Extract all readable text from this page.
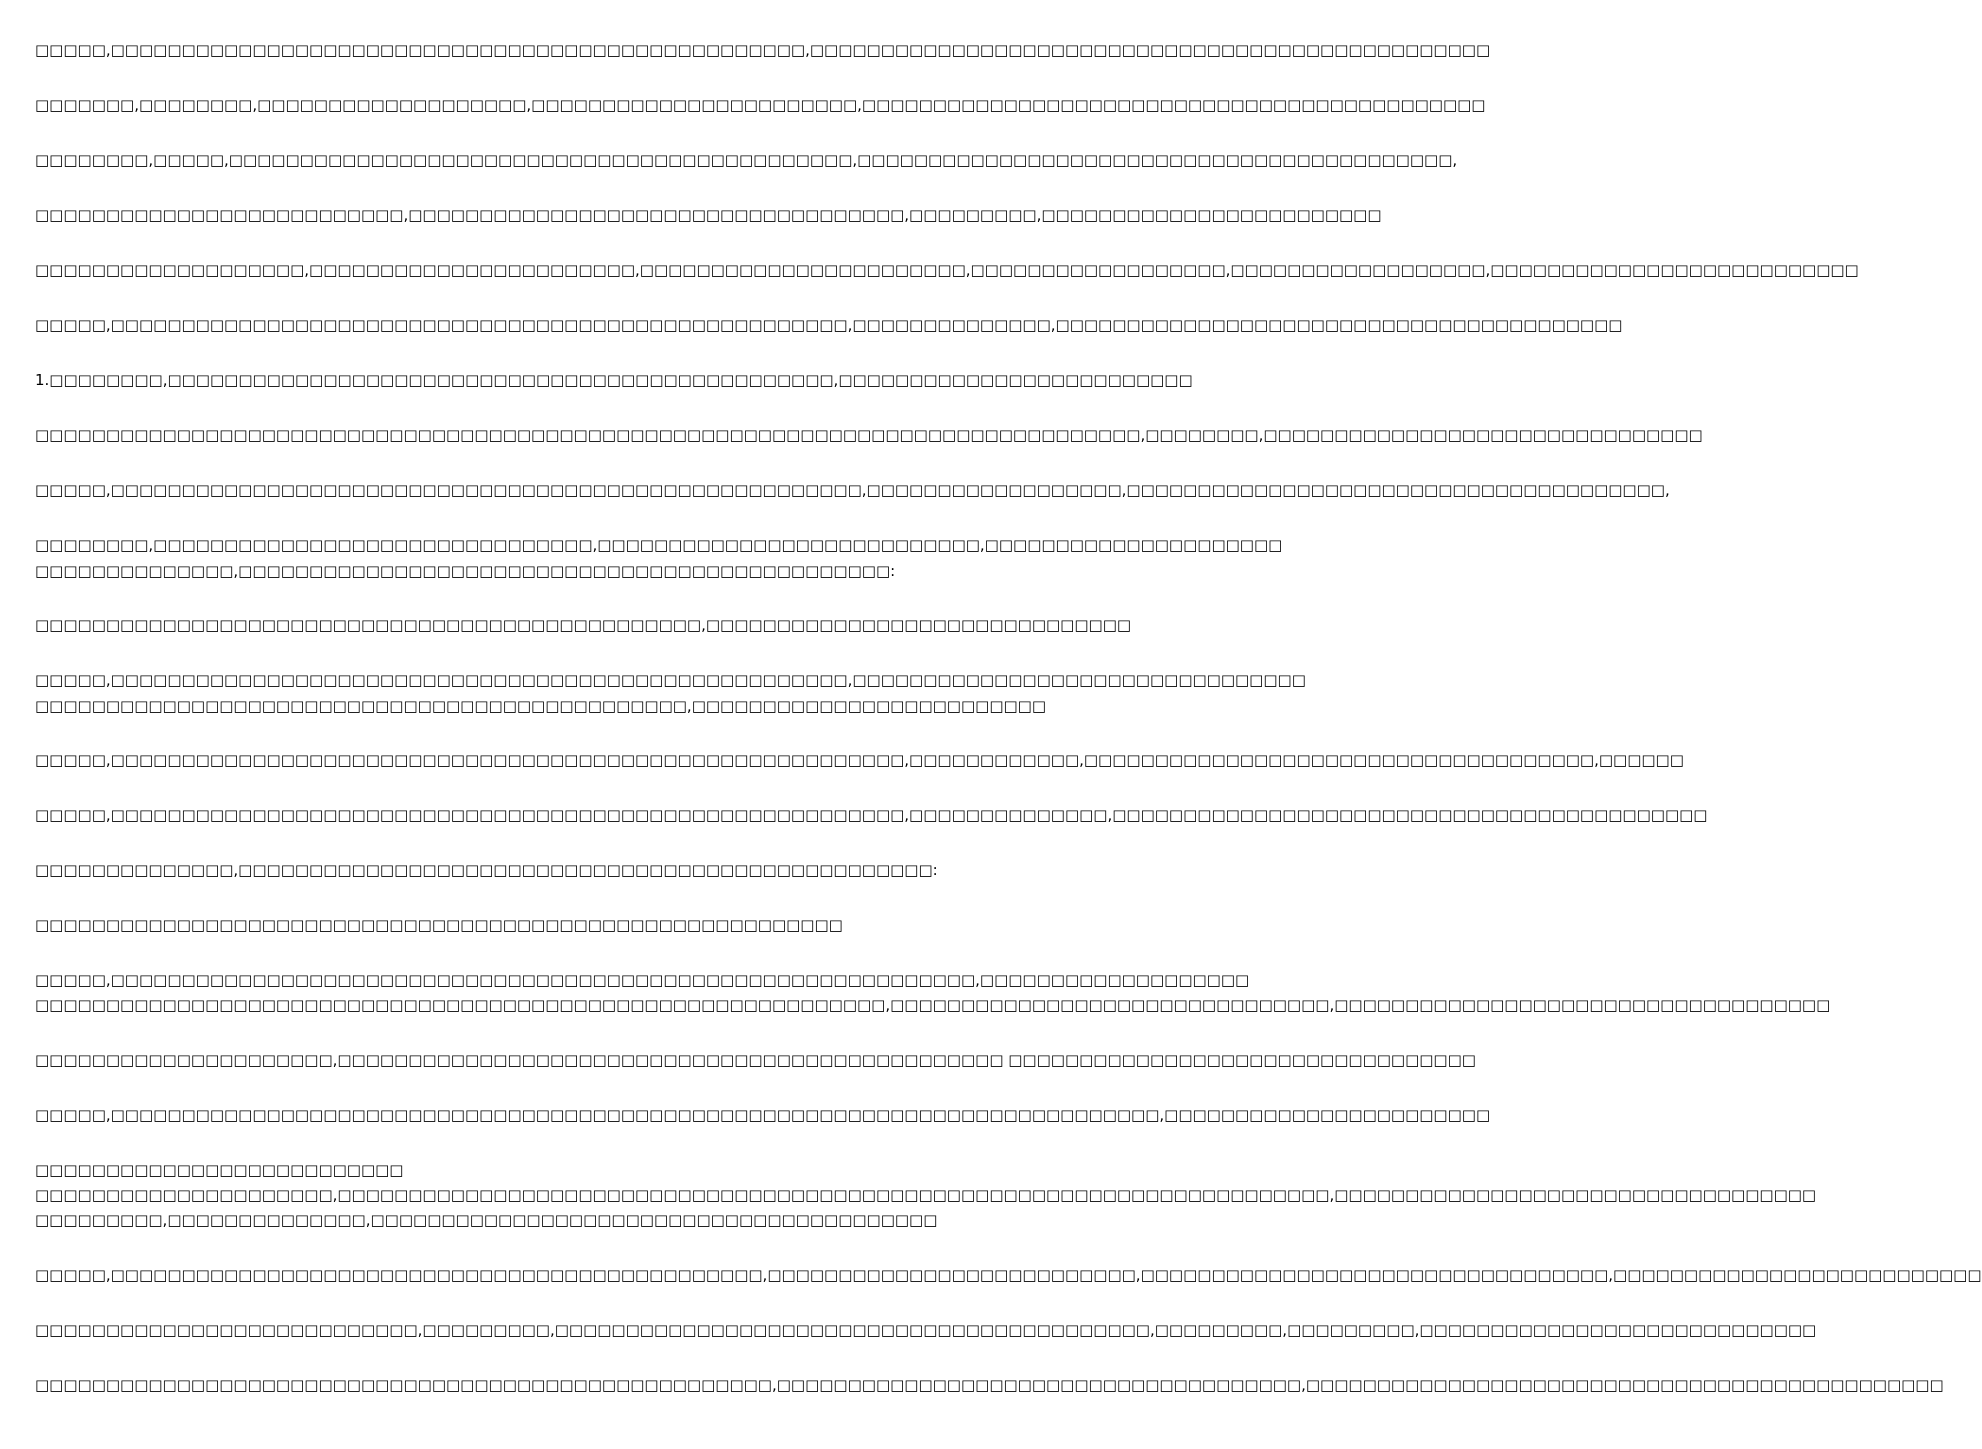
□□□□□,□□□□□□□□□□□□□□□□□□□□□□□□□□□□□□□□□□□□□□□□□□□□□□□□□,□□□□□□□□□□□□□□□□□□□□□□□□□□□□□□□□□□□□□□□□□□□□□□□□
□□□□□□□,□□□□□□□□,□□□□□□□□□□□□□□□□□□□,□□□□□□□□□□□□□□□□□□□□□□□,□□□□□□□□□□□□□□□□□□□□□□□□□□□□□□□□□□□□□□□□□□□□
□□□□□□□□,□□□□□,□□□□□□□□□□□□□□□□□□□□□□□□□□□□□□□□□□□□□□□□□□□□,□□□□□□□□□□□□□□□□□□□□□□□□□□□□□□□□□□□□□□□□□□,
□□□□□□□□□□□□□□□□□□□□□□□□□□,□□□□□□□□□□□□□□□□□□□□□□□□□□□□□□□□□□□,□□□□□□□□□,□□□□□□□□□□□□□□□□□□□□□□□□
□□□□□□□□□□□□□□□□□□□,□□□□□□□□□□□□□□□□□□□□□□□,□□□□□□□□□□□□□□□□□□□□□□□,□□□□□□□□□□□□□□□□□□,□□□□□□□□□□□□□□□□□□,□□□□□□□□□□□□□□□□□□□□□□□□□□
□□□□□,□□□□□□□□□□□□□□□□□□□□□□□□□□□□□□□□□□□□□□□□□□□□□□□□□□□□,□□□□□□□□□□□□□□,□□□□□□□□□□□□□□□□□□□□□□□□□□□□□□□□□□□□□□□□
1.□□□□□□□□,□□□□□□□□□□□□□□□□□□□□□□□□□□□□□□□□□□□□□□□□□□□□□□□,□□□□□□□□□□□□□□□□□□□□□□□□□
□□□□□□□□□□□□□□□□□□□□□□□□□□□□□□□□□□□□□□□□□□□□□□□□□□□□□□□□□□□□□□□□□□□□□□□□□□□□□□,□□□□□□□□,□□□□□□□□□□□□□□□□□□□□□□□□□□□□□□□
□□□□□,□□□□□□□□□□□□□□□□□□□□□□□□□□□□□□□□□□□□□□□□□□□□□□□□□□□□□,□□□□□□□□□□□□□□□□□□,□□□□□□□□□□□□□□□□□□□□□□□□□□□□□□□□□□□□□□,
□□□□□□□□,□□□□□□□□□□□□□□□□□□□□□□□□□□□□□□□,□□□□□□□□□□□□□□□□□□□□□□□□□□□,□□□□□□□□□□□□□□□□□□□□□
□□□□□□□□□□□□□□,□□□□□□□□□□□□□□□□□□□□□□□□□□□□□□□□□□□□□□□□□□□□□□:
□□□□□□□□□□□□□□□□□□□□□□□□□□□□□□□□□□□□□□□□□□□□□□□,□□□□□□□□□□□□□□□□□□□□□□□□□□□□□□
□□□□□,□□□□□□□□□□□□□□□□□□□□□□□□□□□□□□□□□□□□□□□□□□□□□□□□□□□□,□□□□□□□□□□□□□□□□□□□□□□□□□□□□□□□□
□□□□□□□□□□□□□□□□□□□□□□□□□□□□□□□□□□□□□□□□□□□□□□,□□□□□□□□□□□□□□□□□□□□□□□□□
□□□□□,□□□□□□□□□□□□□□□□□□□□□□□□□□□□□□□□□□□□□□□□□□□□□□□□□□□□□□□□,□□□□□□□□□□□□,□□□□□□□□□□□□□□□□□□□□□□□□□□□□□□□□□□□□,□□□□□□
□□□□□,□□□□□□□□□□□□□□□□□□□□□□□□□□□□□□□□□□□□□□□□□□□□□□□□□□□□□□□□,□□□□□□□□□□□□□□,□□□□□□□□□□□□□□□□□□□□□□□□□□□□□□□□□□□□□□□□□□
□□□□□□□□□□□□□□,□□□□□□□□□□□□□□□□□□□□□□□□□□□□□□□□□□□□□□□□□□□□□□□□□:
□□□□□□□□□□□□□□□□□□□□□□□□□□□□□□□□□□□□□□□□□□□□□□□□□□□□□□□□□
□□□□□,□□□□□□□□□□□□□□□□□□□□□□□□□□□□□□□□□□□□□□□□□□□□□□□□□□□□□□□□□□□□□,□□□□□□□□□□□□□□□□□□□
□□□□□□□□□□□□□□□□□□□□□□□□□□□□□□□□□□□□□□□□□□□□□□□□□□□□□□□□□□□□,□□□□□□□□□□□□□□□□□□□□□□□□□□□□□□□,□□□□□□□□□□□□□□□□□□□□□□□□□□□□□□□□□□□
□□□□□□□□□□□□□□□□□□□□□,□□□□□□□□□□□□□□□□□□□□□□□□□□□□□□□□□□□□□□□□□□□□□□□ □□□□□□□□□□□□□□□□□□□□□□□□□□□□□□□□□
□□□□□,□□□□□□□□□□□□□□□□□□□□□□□□□□□□□□□□□□□□□□□□□□□□□□□□□□□□□□□□□□□□□□□□□□□□□□□□□□,□□□□□□□□□□□□□□□□□□□□□□□
□□□□□□□□□□□□□□□□□□□□□□□□□□
□□□□□□□□□□□□□□□□□□□□□,□□□□□□□□□□□□□□□□□□□□□□□□□□□□□□□□□□□□□□□□□□□□□□□□□□□□□□□□□□□□□□□□□□□□□□,□□□□□□□□□□□□□□□□□□□□□□□□□□□□□□□□□□
□□□□□□□□□,□□□□□□□□□□□□□□,□□□□□□□□□□□□□□□□□□□□□□□□□□□□□□□□□□□□□□□□
□□□□□,□□□□□□□□□□□□□□□□□□□□□□□□□□□□□□□□□□□□□□□□□□□□□□,□□□□□□□□□□□□□□□□□□□□□□□□□□,□□□□□□□□□□□□□□□□□□□□□□□□□□□□□□□□□,□□□□□□□□□□□□□□□□□□□□□□□□□□
□□□□□□□□□□□□□□□□□□□□□□□□□□□,□□□□□□□□□,□□□□□□□□□□□□□□□□□□□□□□□□□□□□□□□□□□□□□□□□□□,□□□□□□□□□,□□□□□□□□□,□□□□□□□□□□□□□□□□□□□□□□□□□□□□
□□□□□□□□□□□□□□□□□□□□□□□□□□□□□□□□□□□□□□□□□□□□□□□□□□□□,□□□□□□□□□□□□□□□□□□□□□□□□□□□□□□□□□□□□□,□□□□□□□□□□□□□□□□□□□□□□□□□□□□□□□□□□□□□□□□□□□□□
